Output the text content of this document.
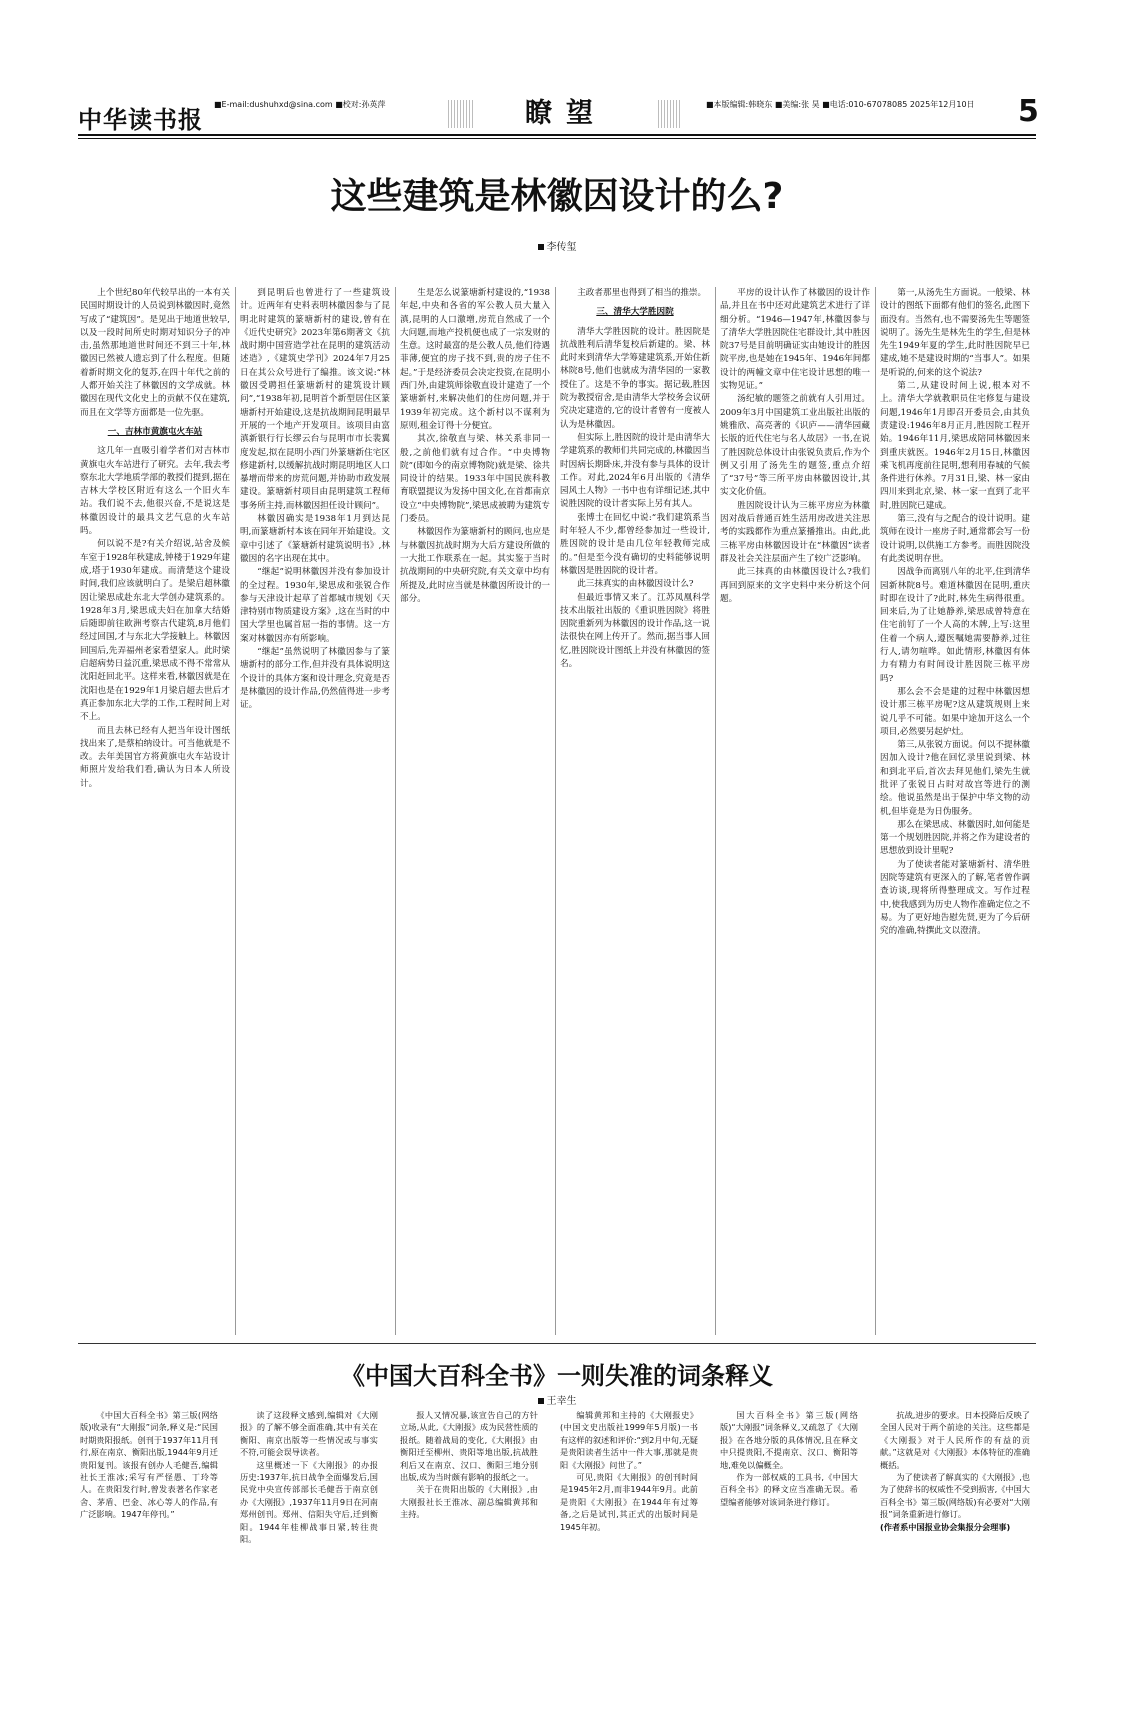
中华读书报
■E-mail:dushuhxd@sina.com ■校对:孙英萍	瞭望	■本版编辑:韩晓东 ■美编:张 昊 ■电话:010-67078085 2025年12月10日 5
这些建筑是林徽因设计的么?
李传玺

上个世纪80年代较早出的一本有关民国时期设计的人员说到林徽因时,竟然写成了“建筑因”。是见出于地道世较早,以及一段时间所史时期对知识分子的冲击,虽然那地道世时间还不到三十年,林徽因已然被人遗忘到了什么程度。但随着新时期文化的复苏,在四十年代之前的人都开始关注了林徽因的文学成就。林徽因在现代文化史上的贡献不仅在建筑,而且在文学等方面都是一位先驱。

一、吉林市黄旗屯火车站

这几年一直吸引着学者们对吉林市黄旗屯火车站进行了研究。去年,我去考察东北大学地质学部的教授们提到,据在吉林大学校区附近有这么一个旧火车站。我们说不去,他很兴奋,不是说这是林徽因设计的最具文艺气息的火车站吗。

何以说不是?有关介绍说,站舍及候车室于1928年秋建成,钟楼于1929年建成,塔于1930年建成。而清楚这个建设时间,我们应该就明白了。是梁启超林徽因让梁思成赴东北大学创办建筑系的。1928年3月,梁思成夫妇在加拿大结婚后随即前往欧洲考察古代建筑,8月他们经过回国,才与东北大学接触上。林徽因回国后,先弄福州老家看望家人。此时梁启超病势日益沉重,梁思成不得不常常从沈阳赶回北平。这样来看,林徽因就是在沈阳也是在1929年1月梁启超去世后才真正参加东北大学的工作,工程时间上对不上。

而且去林已经有人把当年设计图纸找出来了,是蔡柏纳设计。可当他就是不改。去年美国官方将黄旗屯火车站设计师照片发给我们看,确认为日本人所设计。

到昆明后也曾进行了一些建筑设计。近两年有史料表明林徽因参与了昆明北时建筑的篆塘新村的建设,曾有在《近代史研究》2023年第6期著文《抗战时期中国营造学社在昆明的建筑活动述造》,《建筑史学刊》2024年7月25日在其公众号进行了编推。该文说:“林徽因受聘担任篆塘新村的建筑设计顾问”,“1938年初,昆明首个新型居住区篆塘新村开始建设,这是抗战期间昆明最早开展的一个地产开发项目。该项目由富滇新银行行长缪云台与昆明市市长裴翼度发起,拟在昆明小西门外篆塘新住宅区修建新村,以缓解抗战时期昆明地区人口暴增而带来的房荒问题,并协助市政发展建设。篆塘新村项目由昆明建筑工程师事务所主持,而林徽因担任设计顾问”。

林徽因确实是1938年1月到达昆明,而篆塘新村本该在同年开始建设。文章中引述了《篆塘新村建筑说明书》,林徽因的名字出现在其中。

“继起”说明林徽因并没有参加设计的全过程。1930年,梁思成和张锐合作参与天津设计起草了首都城市规划《天津特别市物质建设方案》,这在当时的中国大学里也属首屈一指的事情。这一方案对林徽因亦有所影响。

“继起”虽然说明了林徽因参与了篆塘新村的部分工作,但并没有具体说明这个设计的具体方案和设计理念,究竟是否是林徽因的设计作品,仍然值得进一步考证。

生是怎么说篆塘新村建设的,“1938年起,中央和各省的军公教人员大量入滇,昆明的人口激增,房荒自然成了一个大问题,而地产投机便也成了一宗发财的生意。这时最富的是公教人员,他们待遇菲薄,便宜的房子找不到,贵的房子住不起。”于是经济委员会决定投资,在昆明小西门外,由建筑师徐敬直设计建造了一个篆塘新村,来解决他们的住房问题,并于1939年初完成。这个新村以不谋利为原则,租金订得十分便宜。

其次,徐敬直与梁、林关系非同一般,之前他们就有过合作。“中央博物院”(即如今的南京博物院)就是梁、徐共同设计的结果。1933年中国民族科教育联盟提议为发扬中国文化,在首都南京设立“中央博物院”,梁思成被聘为建筑专门委员。

林徽因作为篆塘新村的顾问,也应是与林徽因抗战时期为大后方建设所做的一大批工作联系在一起。其实鉴于当时抗战期间的中央研究院,有关文章中均有所提及,此时应当就是林徽因所设计的一部分。

主政者那里也得到了相当的推崇。

三、清华大学胜因院

清华大学胜因院的设计。胜因院是抗战胜利后清华复校后新建的。梁、林此时来到清华大学筹建建筑系,开始住新林院8号,他们也就成为清华园的一家教授住了。这是不争的事实。据记载,胜因院为教授宿舍,是由清华大学校务会议研究决定建造的,它的设计者曾有一度被人认为是林徽因。

但实际上,胜因院的设计是由清华大学建筑系的教师们共同完成的,林徽因当时因病长期卧床,并没有参与具体的设计工作。对此,2024年6月出版的《清华园风土人物》一书中也有详细记述,其中说胜因院的设计者实际上另有其人。

张博士在回忆中说:“我们建筑系当时年轻人不少,都曾经参加过一些设计,胜因院的设计是由几位年轻教师完成的。”但是至今没有确切的史料能够说明林徽因是胜因院的设计者。

此三抹真实的由林徽因设计么?

但最近事情又来了。江苏凤凰科学技术出版社出版的《重识胜因院》将胜因院重新列为林徽因的设计作品,这一说法很快在网上传开了。然而,据当事人回忆,胜因院设计图纸上并没有林徽因的签名。

平房的设计认作了林徽因的设计作品,并且在书中还对此建筑艺术进行了详细分析。“1946—1947年,林徽因参与了清华大学胜因院住宅群设计,其中胜因院37号是目前明确证实由她设计的胜因院平房,也是她在1945年、1946年间都设计的两幢文章中住宅设计思想的唯一实物见证。”

汤纪敏的题签之前就有人引用过。2009年3月中国建筑工业出版社出版的姚雅欣、高亮著的《识庐——清华园藏长版的近代住宅与名人故居》一书,在说了胜因院总体设计由张锐负责后,作为个例又引用了汤先生的题签,重点介绍了“37号”等三所平房由林徽因设计,其实文化价值。

胜因院设计认为三栋平房应为林徽因对战后普通百姓生活用房改进关注思考的实践都作为重点篆播推出。由此,此三栋平房由林徽因设计在“林徽因”读者群及社会关注层面产生了较广泛影响。

此三抹真的由林徽因设计么?我们再回到原来的文字史料中来分析这个问题。

第一,从汤先生方面说。一般梁、林设计的图纸下面都有他们的签名,此图下面没有。当然有,也不需要汤先生等题签说明了。汤先生是林先生的学生,但是林先生1949年夏的学生,此时胜因院早已建成,她不是建设时期的“当事人”。如果是听说的,何来的这个说法?

第二,从建设时间上说,根本对不上。清华大学就教职员住宅修复与建设问题,1946年1月即召开委员会,由其负责建设:1946年8月正月,胜因院工程开始。1946年11月,梁思成陪同林徽因来到重庆就医。1946年2月15日,林徽因乘飞机再度前往昆明,想利用春城的气候条件进行休养。7月31日,梁、林一家由四川来到北京,梁、林一家一直到了北平时,胜因院已建成。

第三,没有与之配合的设计说明。建筑师在设计一座房子时,通常都会写一份设计说明,以供施工方参考。而胜因院没有此类说明存世。

因战争而离别八年的北平,住到清华园新林院8号。难道林徽因在昆明,重庆时即在设计了?此时,林先生病得很重。回来后,为了让她静养,梁思成曾特意在住宅前钉了一个人高的木牌,上写:这里住着一个病人,遵医嘱她需要静养,过往行人,请勿喧哗。如此情形,林徽因有体力有精力有时间设计胜因院三栋平房吗?

那么会不会是建的过程中林徽因想设计那三栋平房呢?这从建筑规则上来说几乎不可能。如果中途加开这么一个项目,必然要另起炉灶。

第三,从张锐方面说。何以不提林徽因加入设计?他在回忆录里说到梁、林和到北平后,首次去拜见他们,梁先生就批评了张锐日占时对故宫等进行的测绘。他说虽然是出于保护中华文物的动机,但毕竟是为日伪服务。

那么在梁思成、林徽因时,如何能是第一个规划胜因院,并将之作为建设者的思想放到设计里呢?

为了使读者能对篆塘新村、清华胜因院等建筑有更深入的了解,笔者曾作调查访谈,现将所得整理成文。写作过程中,使我感到为历史人物作准确定位之不易。为了更好地告慰先贤,更为了今后研究的准确,特撰此文以澄清。

《中国大百科全书》一则失准的词条释义
王幸生

《中国大百科全书》第三版(网络版)收录有“大刚报”词条,释义是:“民国时期贵阳报纸。创刊于1937年11月刊行,原在南京、衡阳出版,1944年9月迁贵阳复刊。该报有创办人毛健吾,编辑社长王淮冰;采写有严怪愚、丁玲等人。在贵阳发行时,曾发表著名作家老舍、茅盾、巴金、冰心等人的作品,有广泛影响。1947年停刊。”

读了这段释文感到,编辑对《大刚报》的了解不够全面准确,其中有关在衡阳、南京出版等一些情况或与事实不符,可能会误导读者。

这里概述一下《大刚报》的办报历史:1937年,抗日战争全面爆发后,国民党中央宣传部部长毛健吾于南京创办《大刚报》,1937年11月9日在河南郑州创刊。郑州、信阳失守后,迁到衡阳。1944年桂柳战事日紧,转往贵阳。

报人又情况暴,该宣告自己的方针立场,从此,《大刚报》成为民营性质的报纸。随着战局的变化,《大刚报》由衡阳迁至柳州、贵阳等地出版,抗战胜利后又在南京、汉口、衡阳三地分别出版,成为当时颇有影响的报纸之一。

关于在贵阳出版的《大刚报》,由大刚报社长王淮冰、副总编辑黄邦和主持。

编辑黄邦和主持的《大刚报史》(中国文史出版社1999年5月版)一书有这样的叙述和评价:“到2月中旬,无疑是贵阳读者生活中一件大事,那就是贵阳《大刚报》问世了。”

可见,贵阳《大刚报》的创刊时间是1945年2月,而非1944年9月。此前是贵阳《大刚报》在1944年有过筹备,之后是试刊,其正式的出版时间是1945年初。

国大百科全书》第三版(网络版)“大刚报”词条释义,又疏忽了《大刚报》在各地分版的具体情况,且在释文中只提贵阳,不提南京、汉口、衡阳等地,难免以偏概全。

作为一部权威的工具书,《中国大百科全书》的释文应当准确无误。希望编者能够对该词条进行修订。

抗战,进步的要求。日本投降后反映了全国人民对于两个前途的关注。这些都是《大刚报》对于人民所作的有益的贡献。”这就是对《大刚报》本体特征的准确概括。

为了使读者了解真实的《大刚报》,也为了使辞书的权威性不受到损害,《中国大百科全书》第三版(网络版)有必要对“大刚报”词条重新进行修订。

(作者系中国报业协会集报分会理事)
